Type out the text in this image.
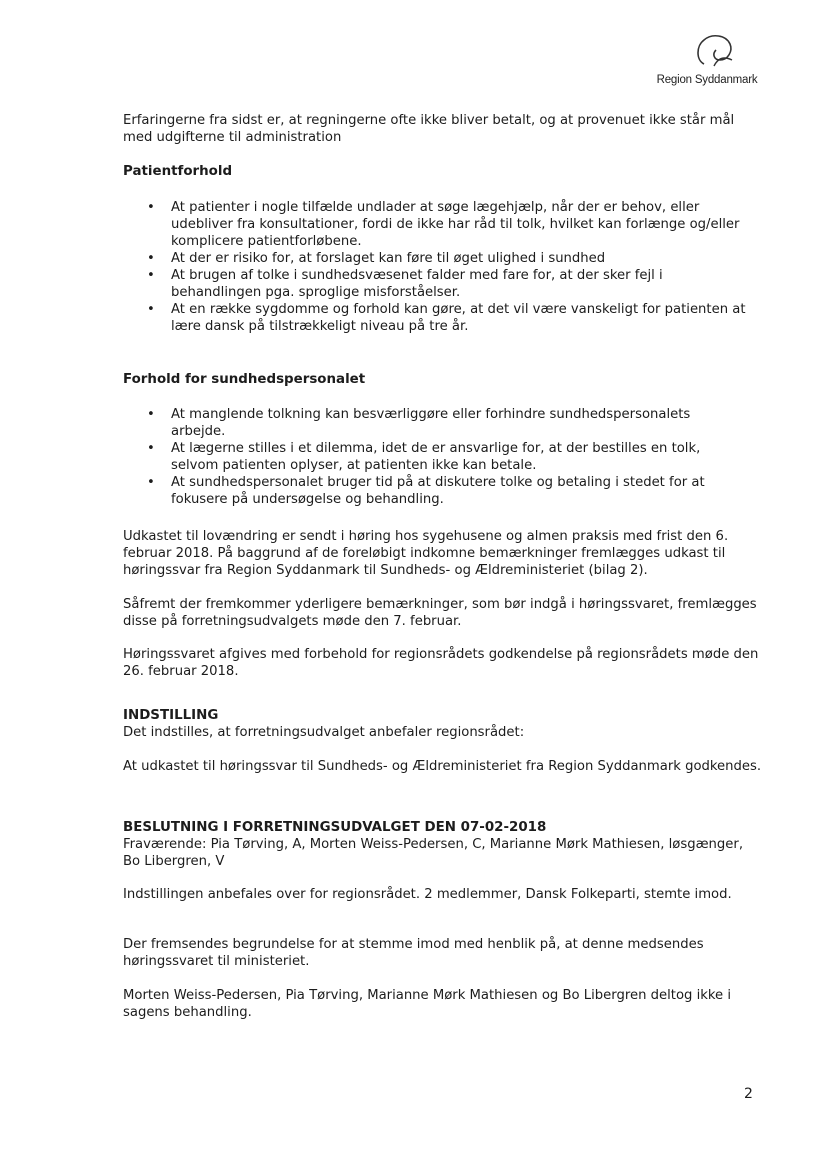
Region Syddanmark
Erfaringerne fra sidst er, at regningerne ofte ikke bliver betalt, og at provenuet ikke står mål med udgifterne til administration
Patientforhold
• At patienter i nogle tilfælde undlader at søge lægehjælp, når der er behov, eller udebliver fra konsultationer, fordi de ikke har råd til tolk, hvilket kan forlænge og/eller komplicere patientforløbene.
• At der er risiko for, at forslaget kan føre til øget ulighed i sundhed
• At brugen af tolke i sundhedsvæsenet falder med fare for, at der sker fejl i behandlingen pga. sproglige misforståelser.
• At en række sygdomme og forhold kan gøre, at det vil være vanskeligt for patienten at lære dansk på tilstrækkeligt niveau på tre år.
Forhold for sundhedspersonalet
• At manglende tolkning kan besværliggøre eller forhindre sundhedspersonalets arbejde.
• At lægerne stilles i et dilemma, idet de er ansvarlige for, at der bestilles en tolk, selvom patienten oplyser, at patienten ikke kan betale.
• At sundhedspersonalet bruger tid på at diskutere tolke og betaling i stedet for at fokusere på undersøgelse og behandling.
Udkastet til lovændring er sendt i høring hos sygehusene og almen praksis med frist den 6. februar 2018. På baggrund af de foreløbigt indkomne bemærkninger fremlægges udkast til høringssvar fra Region Syddanmark til Sundheds- og Ældreministeriet (bilag 2).
Såfremt der fremkommer yderligere bemærkninger, som bør indgå i høringssvaret, fremlægges disse på forretningsudvalgets møde den 7. februar.
Høringssvaret afgives med forbehold for regionsrådets godkendelse på regionsrådets møde den 26. februar 2018.
INDSTILLING
Det indstilles, at forretningsudvalget anbefaler regionsrådet:
At udkastet til høringssvar til Sundheds- og Ældreministeriet fra Region Syddanmark godkendes.
BESLUTNING I FORRETNINGSUDVALGET DEN 07-02-2018
Fraværende: Pia Tørving, A, Morten Weiss-Pedersen, C, Marianne Mørk Mathiesen, løsgænger, Bo Libergren, V
Indstillingen anbefales over for regionsrådet. 2 medlemmer, Dansk Folkeparti, stemte imod.
Der fremsendes begrundelse for at stemme imod med henblik på, at denne medsendes høringssvaret til ministeriet.
Morten Weiss-Pedersen, Pia Tørving, Marianne Mørk Mathiesen og Bo Libergren deltog ikke i sagens behandling.
2
